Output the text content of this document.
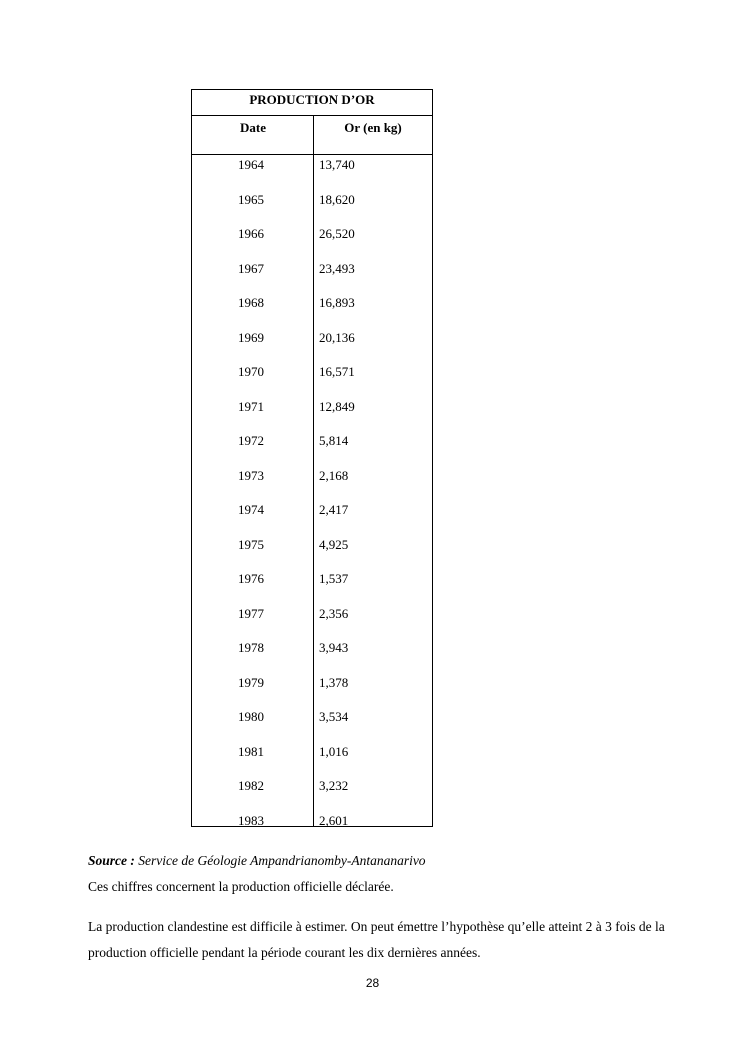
PRODUCTION D’OR
Date	Or (en kg)
1964	13,740
1965	18,620
1966	26,520
1967	23,493
1968	16,893
1969	20,136
1970	16,571
1971	12,849
1972	5,814
1973	2,168
1974	2,417
1975	4,925
1976	1,537
1977	2,356
1978	3,943
1979	1,378
1980	3,534
1981	1,016
1982	3,232
1983	2,601
Source : Service de Géologie Ampandrianomby-Antananarivo
Ces chiffres concernent la production officielle déclarée.
La production clandestine est difficile à estimer. On peut émettre l’hypothèse qu’elle atteint 2 à 3 fois de la production officielle pendant la période courant les dix dernières années.
28
